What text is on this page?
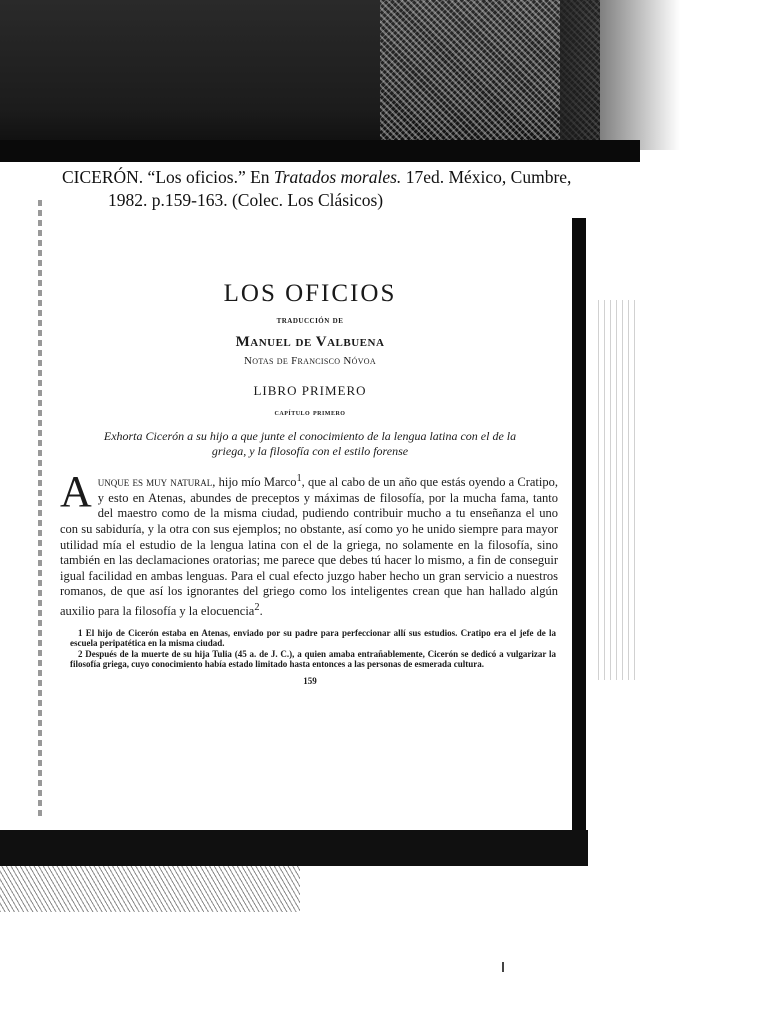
CICERÓN. “Los oficios.” En Tratados morales. 17ed. México, Cumbre,
1982. p.159-163. (Colec. Los Clásicos)
LOS OFICIOS
traducción de
Manuel de Valbuena
Notas de Francisco Nóvoa
LIBRO PRIMERO
capítulo primero
Exhorta Cicerón a su hijo a que junte el conocimiento de la lengua latina con el de la griega, y la filosofía con el estilo forense
Aunque es muy natural, hijo mío Marco$^1$, que al cabo de un año que estás oyendo a Cratipo, y esto en Atenas, abundes de preceptos y máximas de filosofía, por la mucha fama, tanto del maestro como de la misma ciudad, pudiendo contribuir mucho a tu enseñanza el uno con su sabiduría, y la otra con sus ejemplos; no obstante, así como yo he unido siempre para mayor utilidad mía el estudio de la lengua latina con el de la griega, no solamente en la filosofía, sino también en las declamaciones oratorias; me parece que debes tú hacer lo mismo, a fin de conseguir igual facilidad en ambas lenguas. Para el cual efecto juzgo haber hecho un gran servicio a nuestros romanos, de que así los ignorantes del griego como los inteligentes crean que han hallado algún auxilio para la filosofía y la elocuencia$^2$.

1 El hijo de Cicerón estaba en Atenas, enviado por su padre para perfeccionar allí sus estudios. Cratipo era el jefe de la escuela peripatética en la misma ciudad.

2 Después de la muerte de su hija Tulia (45 a. de J. C.), a quien amaba entrañablemente, Cicerón se dedicó a vulgarizar la filosofía griega, cuyo conocimiento había estado limitado hasta entonces a las personas de esmerada cultura.

159
